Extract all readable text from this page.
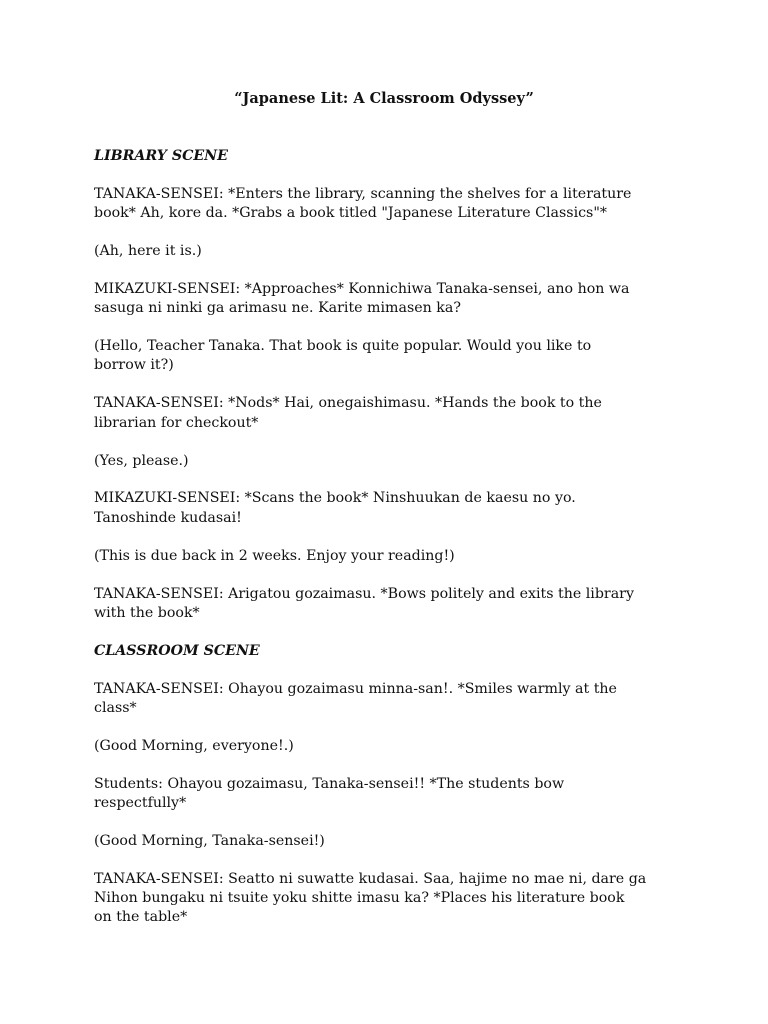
“Japanese Lit: A Classroom Odyssey”
LIBRARY SCENE
TANAKA-SENSEI: *Enters the library, scanning the shelves for a literature
book* Ah, kore da. *Grabs a book titled "Japanese Literature Classics"*
(Ah, here it is.)
MIKAZUKI-SENSEI: *Approaches* Konnichiwa Tanaka-sensei, ano hon wa
sasuga ni ninki ga arimasu ne. Karite mimasen ka?
(Hello, Teacher Tanaka. That book is quite popular. Would you like to
borrow it?)
TANAKA-SENSEI: *Nods* Hai, onegaishimasu. *Hands the book to the
librarian for checkout*
(Yes, please.)
MIKAZUKI-SENSEI: *Scans the book* Ninshuukan de kaesu no yo.
Tanoshinde kudasai!
(This is due back in 2 weeks. Enjoy your reading!)
TANAKA-SENSEI: Arigatou gozaimasu. *Bows politely and exits the library
with the book*
CLASSROOM SCENE
TANAKA-SENSEI: Ohayou gozaimasu minna-san!. *Smiles warmly at the
class*
(Good Morning, everyone!.)
Students: Ohayou gozaimasu, Tanaka-sensei!! *The students bow
respectfully*
(Good Morning, Tanaka-sensei!)
TANAKA-SENSEI: Seatto ni suwatte kudasai. Saa, hajime no mae ni, dare ga
Nihon bungaku ni tsuite yoku shitte imasu ka? *Places his literature book
on the table*
